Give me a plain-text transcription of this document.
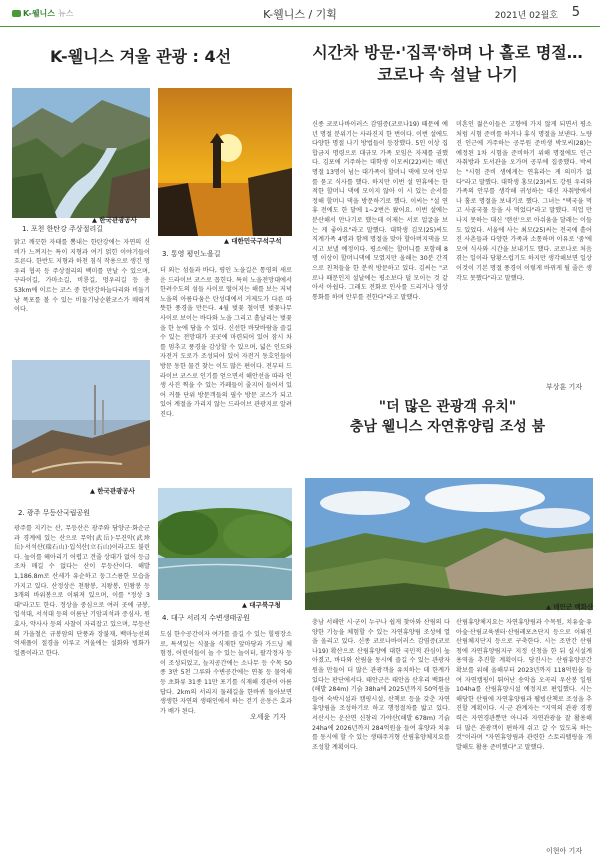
K-웰니스 뉴스	K-웰니스 / 기획	2021년 02월호 5
K-웰니스 겨울 관광 : 4선
▲ 한국관광공사
1. 포천 한탄강 주상절리길
맑고 깨끗한 자태를 뽐내는 한탄강에는 자연의 신비가 느껴지는 특이 지형과 여기 얽힌 이야기들이 흐른다. 한반도 지형과 하천 침식 작용으로 생긴 멍우리 협곡 등 주상절리의 백미를 만날 수 있으며, 구라이길, 가마소길, 비룡길, 멍우리길 등 총 53km에 이르는 코스 중 한탄강하늘다리와 비둘기낭 폭포를 볼 수 있는 비둘기낭순환코스가 매력적이다.
▲ 한국관광공사
2. 광주 무등산국립공원
광주를 지키는 산, 무등산은 광주와 담양군·화순군과 경계에 있는 산으로 무악(武岳)·무진악(武珍岳)·서석산(瑞石山)·입석산(立石山)이라고도 불린다. 높이를 헤아리기 어렵고 견줄 상대가 없어 등급조차 매길 수 없다는 산이 무등산이다. 해발 1,186.8m로 산세가 유순하고 둥그스름한 모습을 가지고 있다. 산정상은 천왕봉, 지왕봉, 인왕봉 등 3개의 바위봉으로 이뤄져 있으며, 이를 "정상 3대"라고도 한다. 정상을 중심으로 여러 곳에 규봉, 입석대, 서석대 등의 이름난 기암괴석과 증심사, 원효사, 약사사 등의 사찰이 자리잡고 있으며, 무등산의 가을철은 규봉암의 단풍과 장불재, 백마능선의 억새풀이 절경을 이루고 겨울에는 설화와 빙화가 일품이라고 한다.
▲ 대한민국구석구석
3. 통영 평인노을길
더 외는 섬들과 바다, 평인 노을길은 통영의 새로운 드라이브 코스로 꼽힌다. 특히 노을전망대에서 한려수도의 섬들 사이로 떨어지는 해를 보는 저녁 노을의 아름다움은 탄성대에서 거제도가 다른 따뜻한 풍경을 만든다. 4월 벚꽃 철이면 벚꽃나무 사이로 보이는 바다와 노을 그리고 흩날리는 벚꽃을 한 눈에 담을 수 있다. 신선한 바닷바람을 즐길 수 있는 전망대가 곳곳에 마련되어 있어 잠시 차를 멈추고 풍경을 감상할 수 있으며, 넓은 인도와 자전거 도로가 조성되어 있어 자전거 동호인들이 방문 동한 물건 찾는 이도 많은 편이다. 전부터 드라이브 코스로 인기를 얻으면서 해안선을 따라 인생 사진 찍을 수 있는 카페들이 줄지어 들어서 있어 커플 단위 방문객들의 필수 방문 코스가 되고 있어 계절을 가리지 않는 드라이브 관광지로 알려진다.
▲ 대구북구청
4. 대구 서리지 수변생태공원
도심 한수공간이자 여가를 즐길 수 있는 힐링장소로, 특색있는 식물을 식재한 앞마당과 가드닝 체험정, 어린이들이 놀 수 있는 놀이터, 팔각정자 등이 조성되었고, 늪지공간에는 소나무 등 수목 50종 3만 5천 그루와 수변공간에는 연꽃 등 물억새 등 초화류 31종 11만 포기를 식재해 경관이 아름답다. 2km의 서리지 둘레길을 한바퀴 돌아보면 생생한 자연의 생태인에서 하는 걷기 운동은 효과가 배가 된다.
오세윤 기자
시간차 방문·'집콕'하며 나 홀로 명절…
코로나 속 설날 나기
신종 코로나바이러스 감염증(코로나19) 때문에 예년 명절 분위기는 사라진지 한 번이다. 이번 설에도 다양한 명절 나기 방법들이 등장했다. 5인 이상 집합금지 명령으로 대규모 가족 모임은 자제를 권했다. 김포에 거주하는 대학생 이모씨(22)씨는 매년 명절 13명이 넘는 대가족이 할머니 댁에 모여 안부를 묻고 식사를 했다. 하지만 이번 설 연휴에는 한적한 할머니 댁에 모이지 않아 이 시 있는 순서를 정해 할머니 댁을 방문하기로 했다. 이씨는 "설 연휴 전에도 한 달에 1~2번은 왔어요. 이번 설에는 분산해서 만나기로 했는데 이제는 서로 얼굴을 보는 게 좋아요"라고 말했다. 대학생 김모(25)씨도 직계가족 4명과 함께 명절을 맞아 할아버지댁을 모시고 보낼 예정이다. 평소에는 할머니를 포함해 8명 이상이 할머니댁에 모였지만 올해는 30분 간격으로 친척들을 한 분씩 방문하고 있다. 김씨는 "코로나 때문인지 설날에는 평소보다 덜 모이는 것 같아서 아쉽다. 그래도 전화로 인사를 드리거나 영상통화를 하며 안부를 전한다"라고 말했다.
미혼인 젊은이들은 고향에 가지 않게 되면서 평소처럼 시험 준비를 하거나 휴식 명절을 보낸다. 노량진 인근에 거주하는 공무원 준비생 박모씨(28)는 예정된 1차 시험을 준비하기 위해 명절에도 인근 자취방과 도서관을 오가며 공부에 집중했다. 박씨는 "시험 준비 생에게는 연휴라는 게 의미가 없다"라고 말했다. 대학생 홍모(23)씨도 강원 우리와 가족의 안부를 생각해 귀성하는 대신 자취방에서 나 홀로 명절을 보내기로 했다. 그녀는 "택국을 먹고 사골국물 등을 사 먹었다"라고 말했다. 직업 만나지 못하는 대신 '랜선'으로 아쉬움을 달래는 이들도 있었다. 서울에 사는 최모(25)씨는 전국에 흩어진 사촌들과 다양한 가족과 소통하며 이유로 '줌'에 모여 식사와 시간을 보내기도 했다. 코로나로 처음 겪는 일이라 당황스럽기도 하지만 생각해보면 일상 이것이 기본 명절 풍경이 이렇게 바뀌게 될 줄은 생각도 못했다"라고 말했다.
부상훈 기자
"더 많은 관광객 유치"
충남 웰니스 자연휴양림 조성 붐
▲ 태안군 백화산
충남 서해안 시·군이 누구나 쉽게 찾아와 산림의 다양한 기능을 체험할 수 있는 자연휴양림 조성에 열을 올리고 있다. 신종 코로나바이러스 감염증(코로나19) 확산으로 산림휴양에 대한 국민적 관심이 높아졌고, 바다와 산림을 동시에 즐길 수 있는 관광자원을 만들어 더 많은 관광객을 유치하는 데 한계가 있다는 판단에서다. 태안군은 태안읍 산후리 백화산(해발 284m) 기슭 38ha에 2025년까지 50억원을 들여 숙박시설과 캠핑시설, 산책로 등을 갖춘 자연휴양림을 조성하기로 하고 행정절차를 밟고 있다. 서산시는 운산면 신창리 가야산(해발 678m) 기슭 24ha에 2026년까지 284억원을 들여 휴양과 치유를 동시에 할 수 있는 생태주거형 산림휴양체지요를 조성할 계획이다.
산림휴양체지요는 자연휴양림과 수목원, 치유숲·유아숲·산림교육센터·산림레포츠단지 등으로 이뤄진 산림체지단지 등으로 구축한다. 시는 조만간 산림청에 자연휴양림지구 지정 신청을 한 뒤 실시설계 용역을 추진할 계획이다. 당진시는 산림휴양공간 확보를 위해 올해부터 2023년까지 118억원을 들여 자연캠핑이 뛰어난 송악읍 오곡리 우산봉 일원 104ha를 산림휴양시설 예정지로 편입했다. 시는 해당한 산림에 자연휴양림과 웰빙산책로 조성을 추진할 계획이다. 시·군 관계자는 "지역의 관광 경쟁력은 자연경관뿐만 아니라 자연관광을 잘 활용해 더 많은 관광객이 편하게 쉬고 갈 수 있도록 하는 것"이라며 "자연휴양림과 관련한 스토리텔링을 개발해도 활용 준비했다"고 말했다.
이현아 기자
